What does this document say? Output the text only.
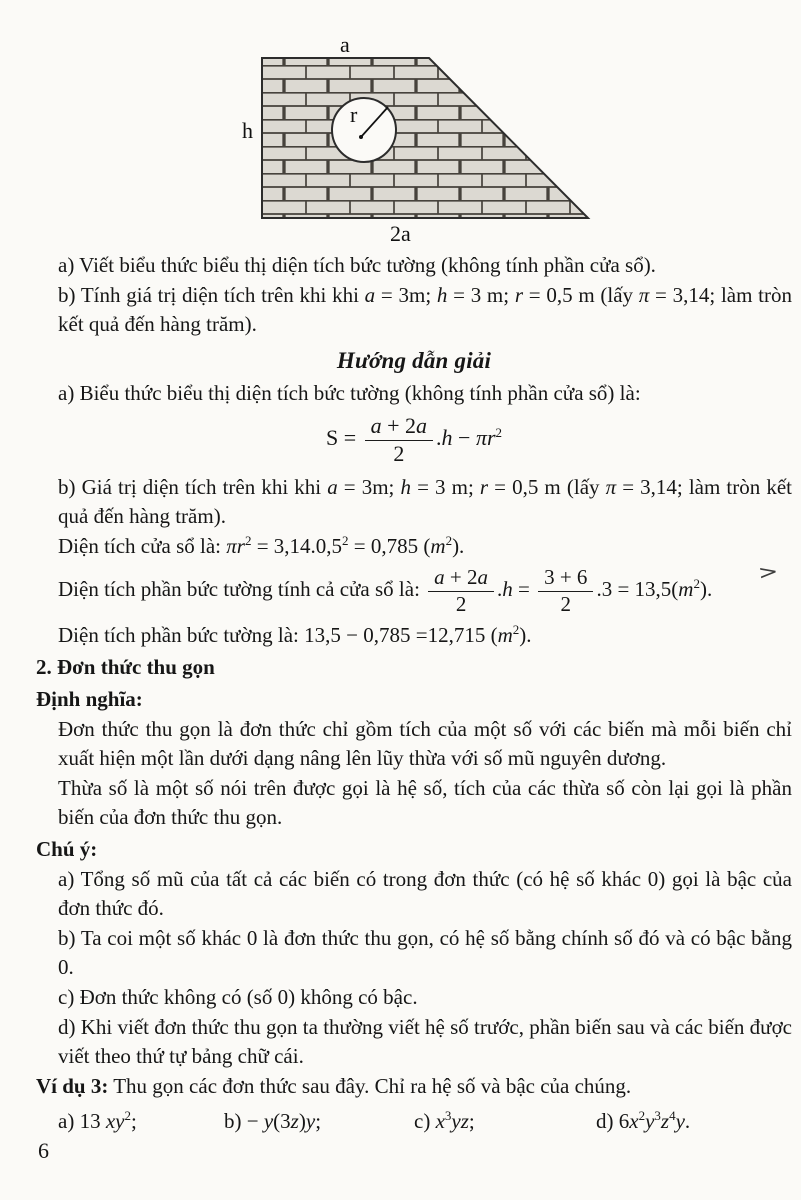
a
h
2a
r

a) Viết biểu thức biểu thị diện tích bức tường (không tính phần cửa sổ).

b) Tính giá trị diện tích trên khi khi a = 3m; h = 3 m; r = 0,5 m (lấy π = 3,14; làm tròn kết quả đến hàng trăm).

Hướng dẫn giải

a) Biểu thức biểu thị diện tích bức tường (không tính phần cửa sổ) là:

$S = \frac{a + 2a}{2} .h - \pi r^2$

b) Giá trị diện tích trên khi khi a = 3m; h = 3 m; r = 0,5 m (lấy π = 3,14; làm tròn kết quả đến hàng trăm).

Diện tích cửa sổ là: $\pi r^2 = 3,14.0,5^2 = 0,785$ $(m^2)$.

Diện tích phần bức tường tính cả cửa sổ là: $\frac{a + 2a}{2} .h = \frac{3 + 6}{2} .3 = 13,5(m^2)$.

Diện tích phần bức tường là: 13,5 − 0,785 =12,715 $(m^2)$.

2. Đơn thức thu gọn

Định nghĩa:

Đơn thức thu gọn là đơn thức chỉ gồm tích của một số với các biến mà mỗi biến chỉ xuất hiện một lần dưới dạng nâng lên lũy thừa với số mũ nguyên dương.

Thừa số là một số nói trên được gọi là hệ số, tích của các thừa số còn lại gọi là phần biến của đơn thức thu gọn.

Chú ý:

a) Tổng số mũ của tất cả các biến có trong đơn thức (có hệ số khác 0) gọi là bậc của đơn thức đó.

b) Ta coi một số khác 0 là đơn thức thu gọn, có hệ số bằng chính số đó và có bậc bằng 0.

c) Đơn thức không có (số 0) không có bậc.

d) Khi viết đơn thức thu gọn ta thường viết hệ số trước, phần biến sau và các biến được viết theo thứ tự bảng chữ cái.

Ví dụ 3: Thu gọn các đơn thức sau đây. Chỉ ra hệ số và bậc của chúng.

a) 13 $xy^2$;	b) − y(3z)y;	c) $x^3yz$;	d) $6x^2y^3z^4y$.
>
6
